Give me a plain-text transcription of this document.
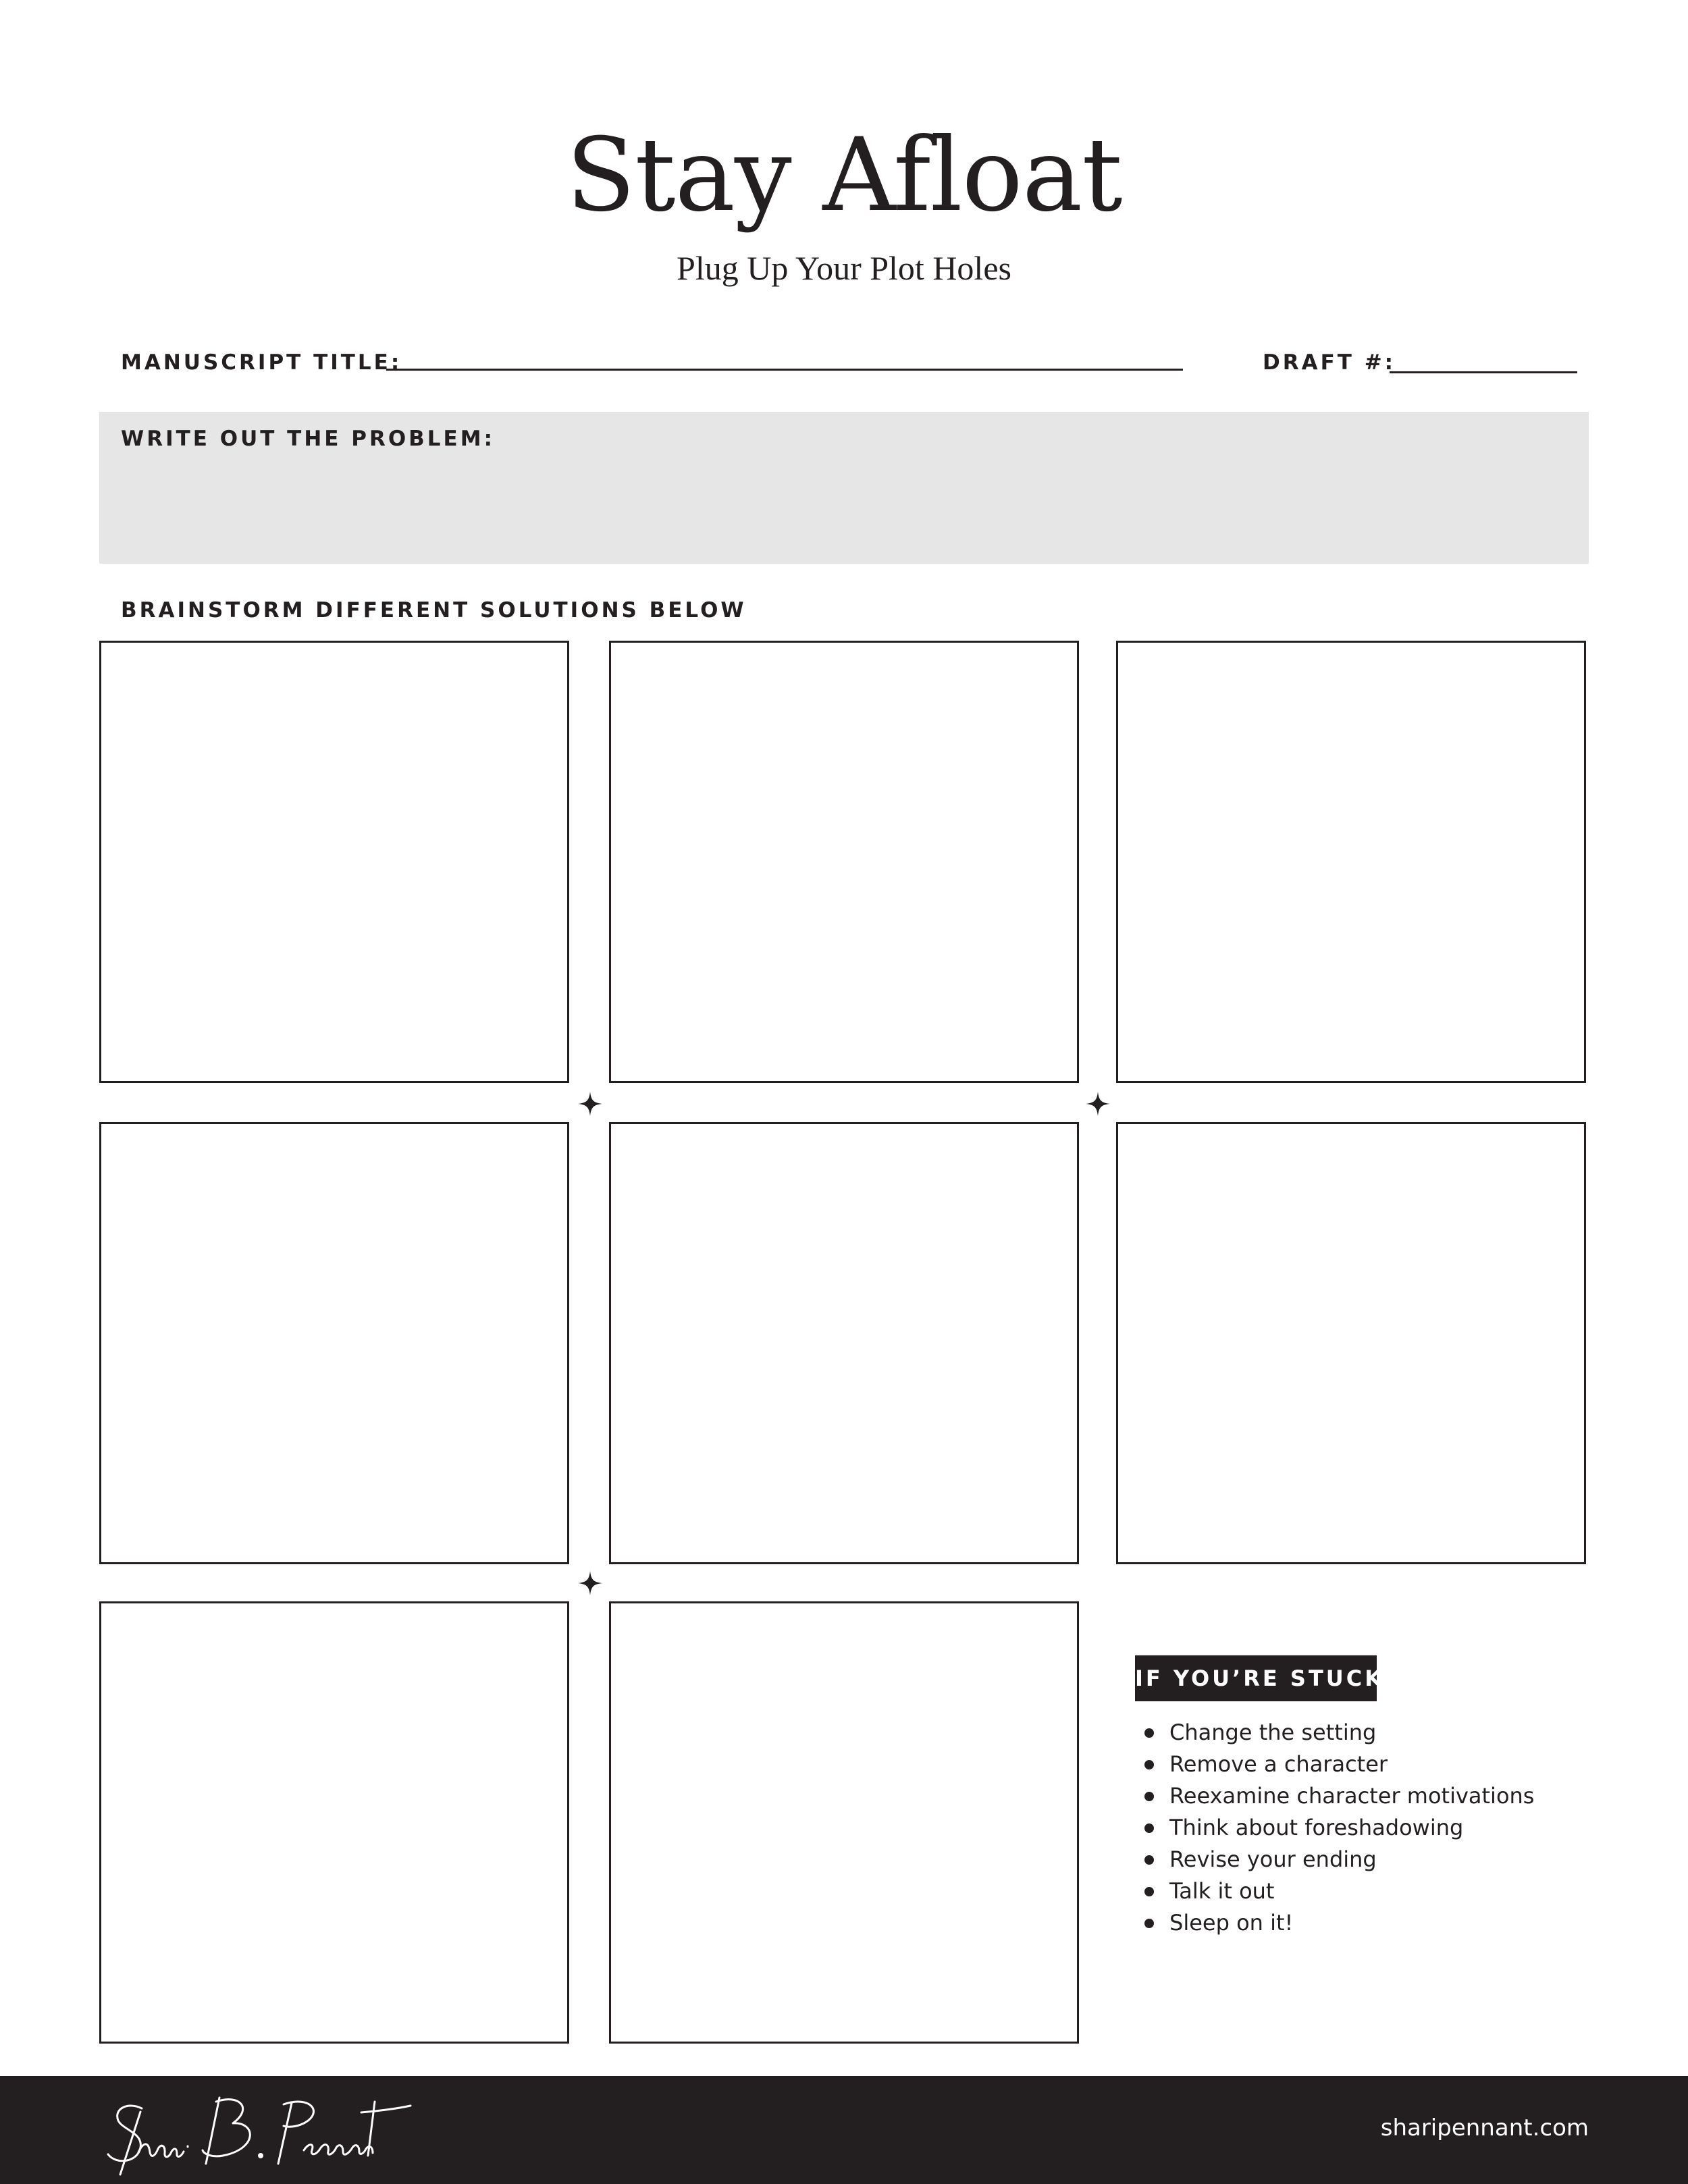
Stay Afloat
Plug Up Your Plot Holes
MANUSCRIPT TITLE:	DRAFT #:
WRITE OUT THE PROBLEM:
BRAINSTORM DIFFERENT SOLUTIONS BELOW
IF YOU’RE STUCK:
Change the setting
Remove a character
Reexamine character motivations
Think about foreshadowing
Revise your ending
Talk it out
Sleep on it!
sharipennant.com
